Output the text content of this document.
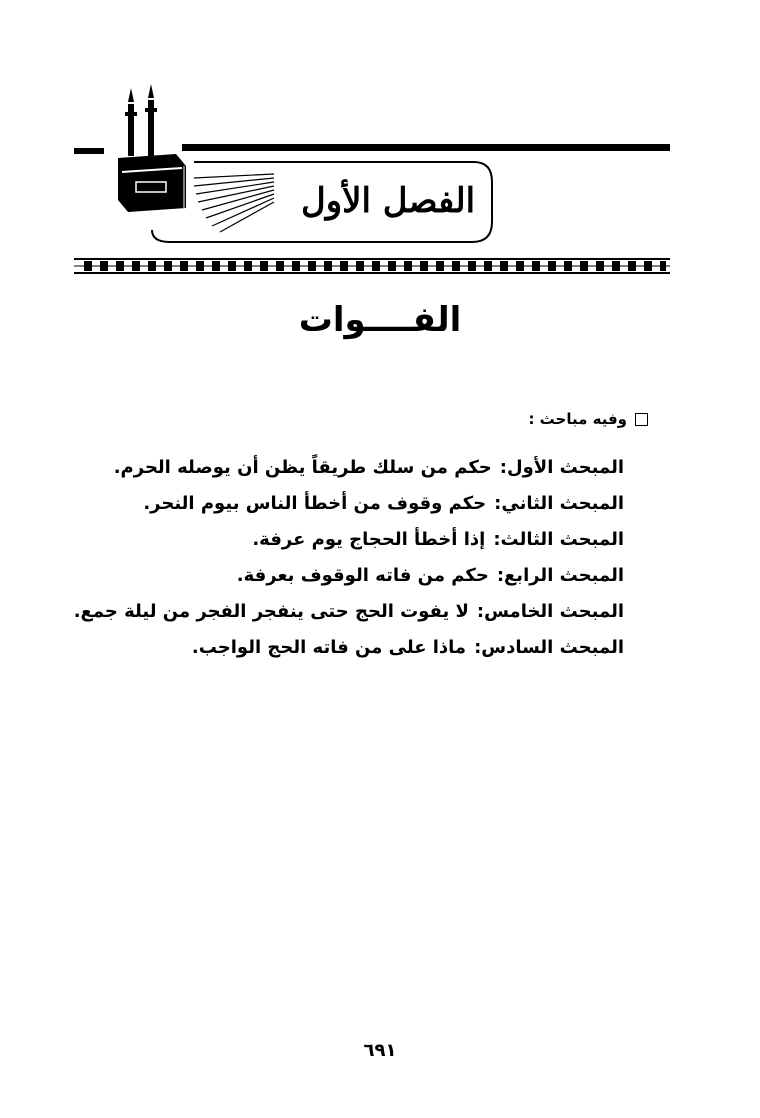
الفصل الأول
الفــــوات
وفيه مباحث :
المبحث الأول:حكم من سلك طريقاً يظن أن يوصله الحرم.
المبحث الثاني:حكم وقوف من أخطأ الناس بيوم النحر.
المبحث الثالث:إذا أخطأ الحجاج يوم عرفة.
المبحث الرابع:حكم من فاته الوقوف بعرفة.
المبحث الخامس:لا يفوت الحج حتى ينفجر الفجر من ليلة جمع.
المبحث السادس:ماذا على من فاته الحج الواجب.
٦٩١
